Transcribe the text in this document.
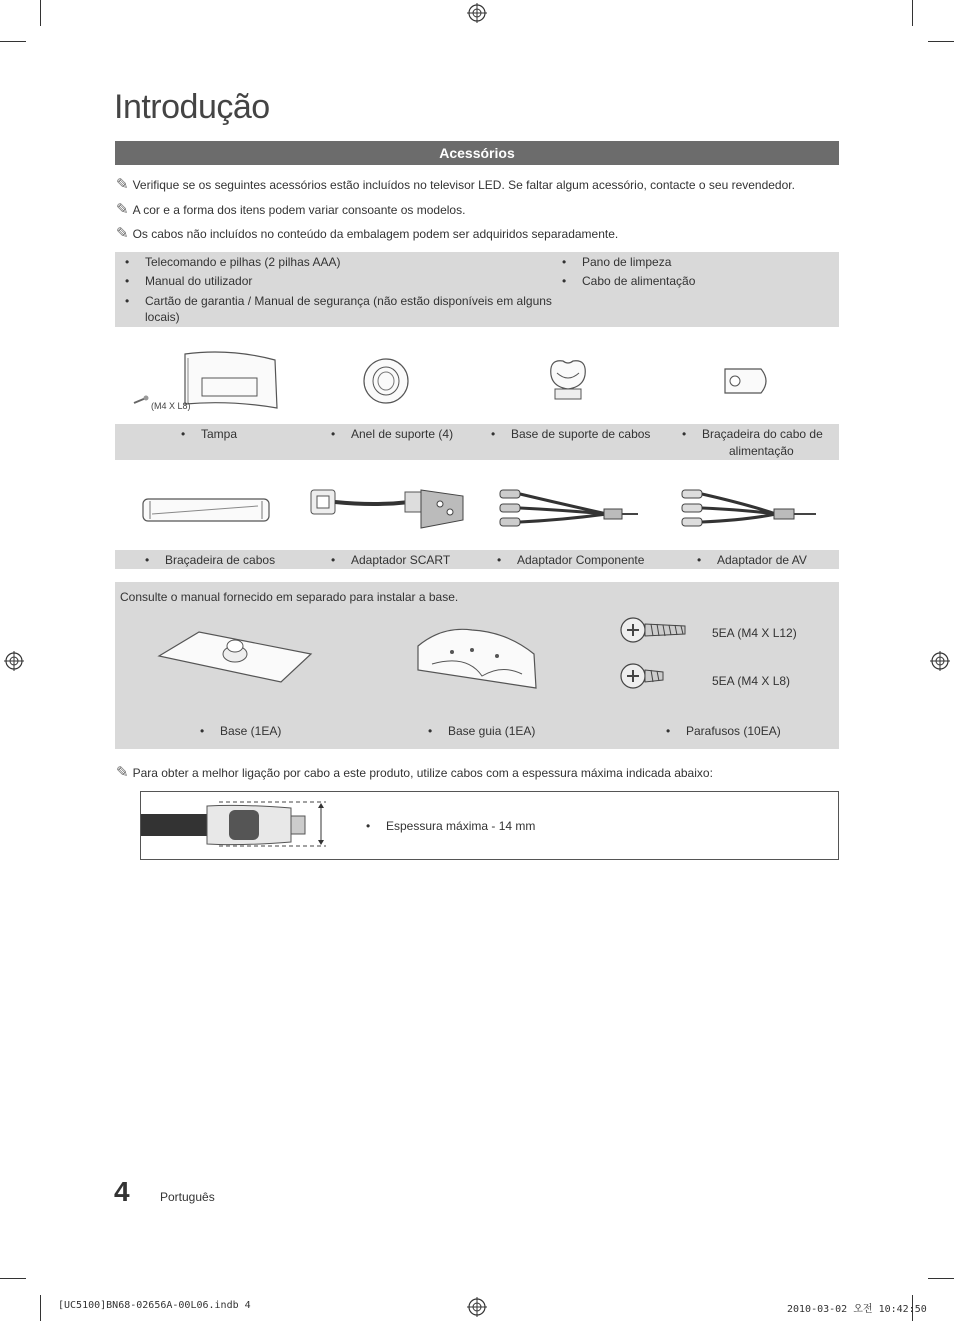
Introdução
Acessórios
✎ Verifique se os seguintes acessórios estão incluídos no televisor LED. Se faltar algum acessório, contacte o seu revendedor.
✎ A cor e a forma dos itens podem variar consoante os modelos.
✎ Os cabos não incluídos no conteúdo da embalagem podem ser adquiridos separadamente.
• Telecomando e pilhas (2 pilhas AAA)
• Manual do utilizador
• Cartão de garantia / Manual de segurança (não estão disponíveis em alguns
locais)
• Pano de limpeza
• Cabo de alimentação
(M4 X L8)
• Tampa	• Anel de suporte (4)	• Base de suporte de cabos	• Braçadeira do cabo de
alimentação
• Braçadeira de cabos	• Adaptador SCART	• Adaptador Componente	• Adaptador de AV
Consulte o manual fornecido em separado para instalar a base.
5EA (M4 X L12)
5EA (M4 X L8)
• Base (1EA)	• Base guia (1EA)	• Parafusos (10EA)
✎ Para obter a melhor ligação por cabo a este produto, utilize cabos com a espessura máxima indicada abaixo:
• Espessura máxima - 14 mm
4	Português
[UC5100]BN68-02656A-00L06.indb 4	2010-03-02 오전 10:42:50
